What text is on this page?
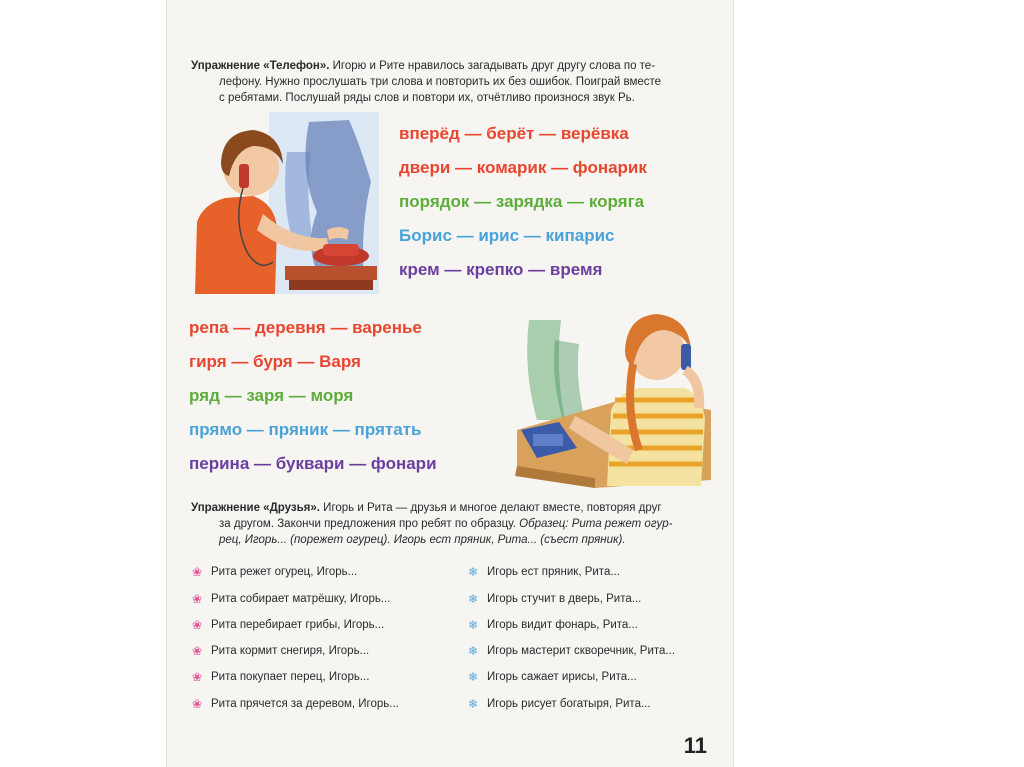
Упражнение «Телефон». Игорю и Рите нравилось загадывать друг другу слова по те-
лефону. Нужно прослушать три слова и повторить их без ошибок. Поиграй вместе
с ребятами. Послушай ряды слов и повтори их, отчётливо произнося звук Рь.
вперёд — берёт — верёвка
двери — комарик — фонарик
порядок — зарядка — коряга
Борис — ирис — кипарис
крем — крепко — время
репа — деревня — варенье
гиря — буря — Варя
ряд — заря — моря
прямо — пряник — прятать
перина — буквари — фонари
Упражнение «Друзья». Игорь и Рита — друзья и многое делают вместе, повторяя друг
за другом. Закончи предложения про ребят по образцу. Образец: Рита режет огур-
рец, Игорь... (порежет огурец). Игорь ест пряник, Рита... (съест пряник).
❀ Рита режет огурец, Игорь...
❀ Рита собирает матрёшку, Игорь...
❀ Рита перебирает грибы, Игорь...
❀ Рита кормит снегиря, Игорь...
❀ Рита покупает перец, Игорь...
❀ Рита прячется за деревом, Игорь...
❄ Игорь ест пряник, Рита...
❄ Игорь стучит в дверь, Рита...
❄ Игорь видит фонарь, Рита...
❄ Игорь мастерит скворечник, Рита...
❄ Игорь сажает ирисы, Рита...
❄ Игорь рисует богатыря, Рита...
11
